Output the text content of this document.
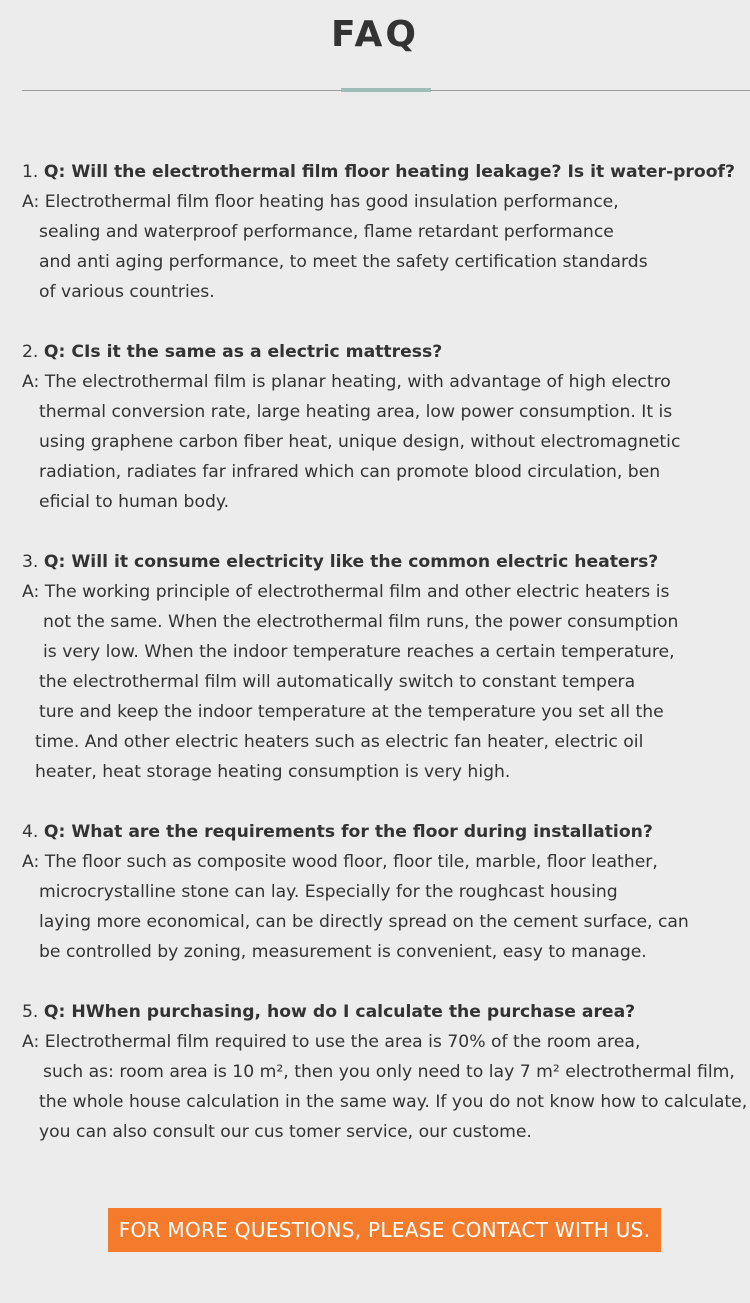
FAQ
1. Q: Will the electrothermal film floor heating leakage? Is it water-proof?
A: Electrothermal film floor heating has good insulation performance,
sealing and waterproof performance, flame retardant performance
and anti aging performance, to meet the safety certification standards
of various countries.
2. Q: CIs it the same as a electric mattress?
A: The electrothermal film is planar heating, with advantage of high electro
thermal conversion rate, large heating area, low power consumption. It is
using graphene carbon fiber heat, unique design, without electromagnetic
radiation, radiates far infrared which can promote blood circulation, ben
eficial to human body.
3. Q: Will it consume electricity like the common electric heaters?
A: The working principle of electrothermal film and other electric heaters is
not the same. When the electrothermal film runs, the power consumption
is very low. When the indoor temperature reaches a certain temperature,
the electrothermal film will automatically switch to constant tempera
ture and keep the indoor temperature at the temperature you set all the
time. And other electric heaters such as electric fan heater, electric oil
heater, heat storage heating consumption is very high.
4. Q: What are the requirements for the floor during installation?
A: The floor such as composite wood floor, floor tile, marble, floor leather,
microcrystalline stone can lay. Especially for the roughcast housing
laying more economical, can be directly spread on the cement surface, can
be controlled by zoning, measurement is convenient, easy to manage.
5. Q: HWhen purchasing, how do I calculate the purchase area?
A: Electrothermal film required to use the area is 70% of the room area,
such as: room area is 10 m², then you only need to lay 7 m² electrothermal film,
the whole house calculation in the same way. If you do not know how to calculate,
you can also consult our cus tomer service, our custome.
FOR MORE QUESTIONS, PLEASE CONTACT WITH US.
